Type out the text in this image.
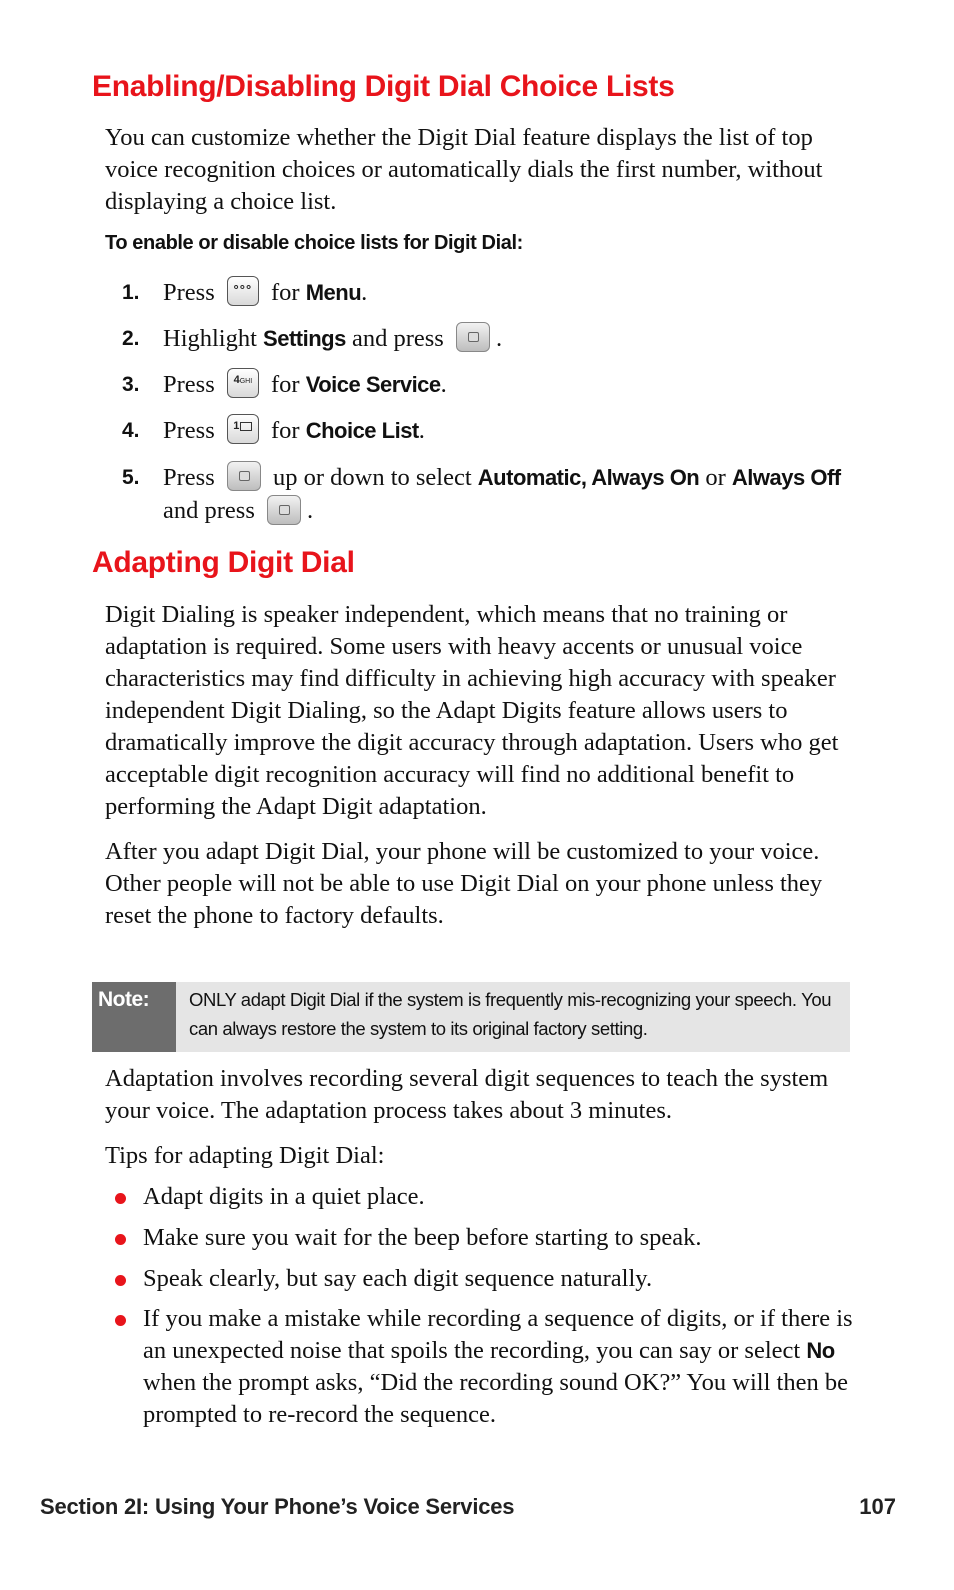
Enabling/Disabling Digit Dial Choice Lists

You can customize whether the Digit Dial feature displays the list of top voice recognition choices or automatically dials the first number, without displaying a choice list.

To enable or disable choice lists for Digit Dial:

1. Press	°°° for Menu.
2. Highlight Settings and press .
3. Press	4GHI for Voice Service.
4. Press	1	for Choice List.
5. Press up or down to select Automatic, Always On or Always Off and press .
Adapting Digit Dial

Digit Dialing is speaker independent, which means that no training or adaptation is required. Some users with heavy accents or unusual voice characteristics may find difficulty in achieving high accuracy with speaker independent Digit Dialing, so the Adapt Digits feature allows users to dramatically improve the digit accuracy through adaptation. Users who get acceptable digit recognition accuracy will find no additional benefit to performing the Adapt Digit adaptation.

After you adapt Digit Dial, your phone will be customized to your voice. Other people will not be able to use Digit Dial on your phone unless they reset the phone to factory defaults.

Note:	ONLY adapt Digit Dial if the system is frequently mis-recognizing your speech. You can always restore the system to its original factory setting.

Adaptation involves recording several digit sequences to teach the system your voice. The adaptation process takes about 3 minutes.

Tips for adapting Digit Dial:

Adapt digits in a quiet place.
Make sure you wait for the beep before starting to speak.
Speak clearly, but say each digit sequence naturally.
If you make a mistake while recording a sequence of digits, or if there is an unexpected noise that spoils the recording, you can say or select No when the prompt asks, “Did the recording sound OK?” You will then be prompted to re-record the sequence.
Section 2I: Using Your Phone’s Voice Services	107
